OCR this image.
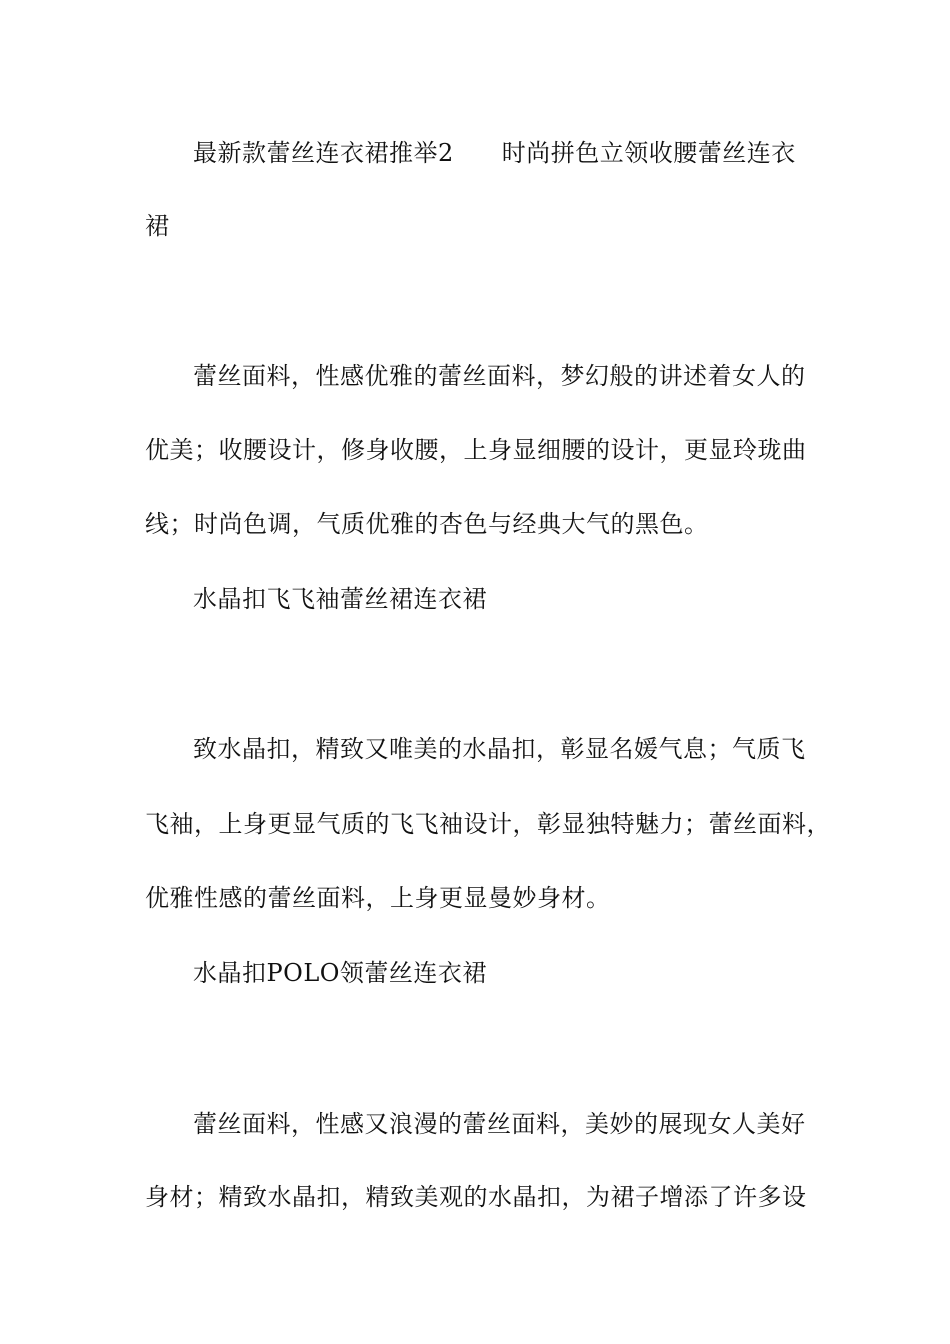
最新款蕾丝连衣裙推举2 时尚拼色立领收腰蕾丝连衣
裙
蕾丝面料，性感优雅的蕾丝面料，梦幻般的讲述着女人的
优美；收腰设计，修身收腰，上身显细腰的设计，更显玲珑曲
线；时尚色调，气质优雅的杏色与经典大气的黑色。
水晶扣飞飞袖蕾丝裙连衣裙
致水晶扣，精致又唯美的水晶扣，彰显名媛气息；气质飞
飞袖，上身更显气质的飞飞袖设计，彰显独特魅力；蕾丝面料，
优雅性感的蕾丝面料，上身更显曼妙身材。
水晶扣POLO领蕾丝连衣裙
蕾丝面料，性感又浪漫的蕾丝面料，美妙的展现女人美好
身材；精致水晶扣，精致美观的水晶扣，为裙子增添了许多设
